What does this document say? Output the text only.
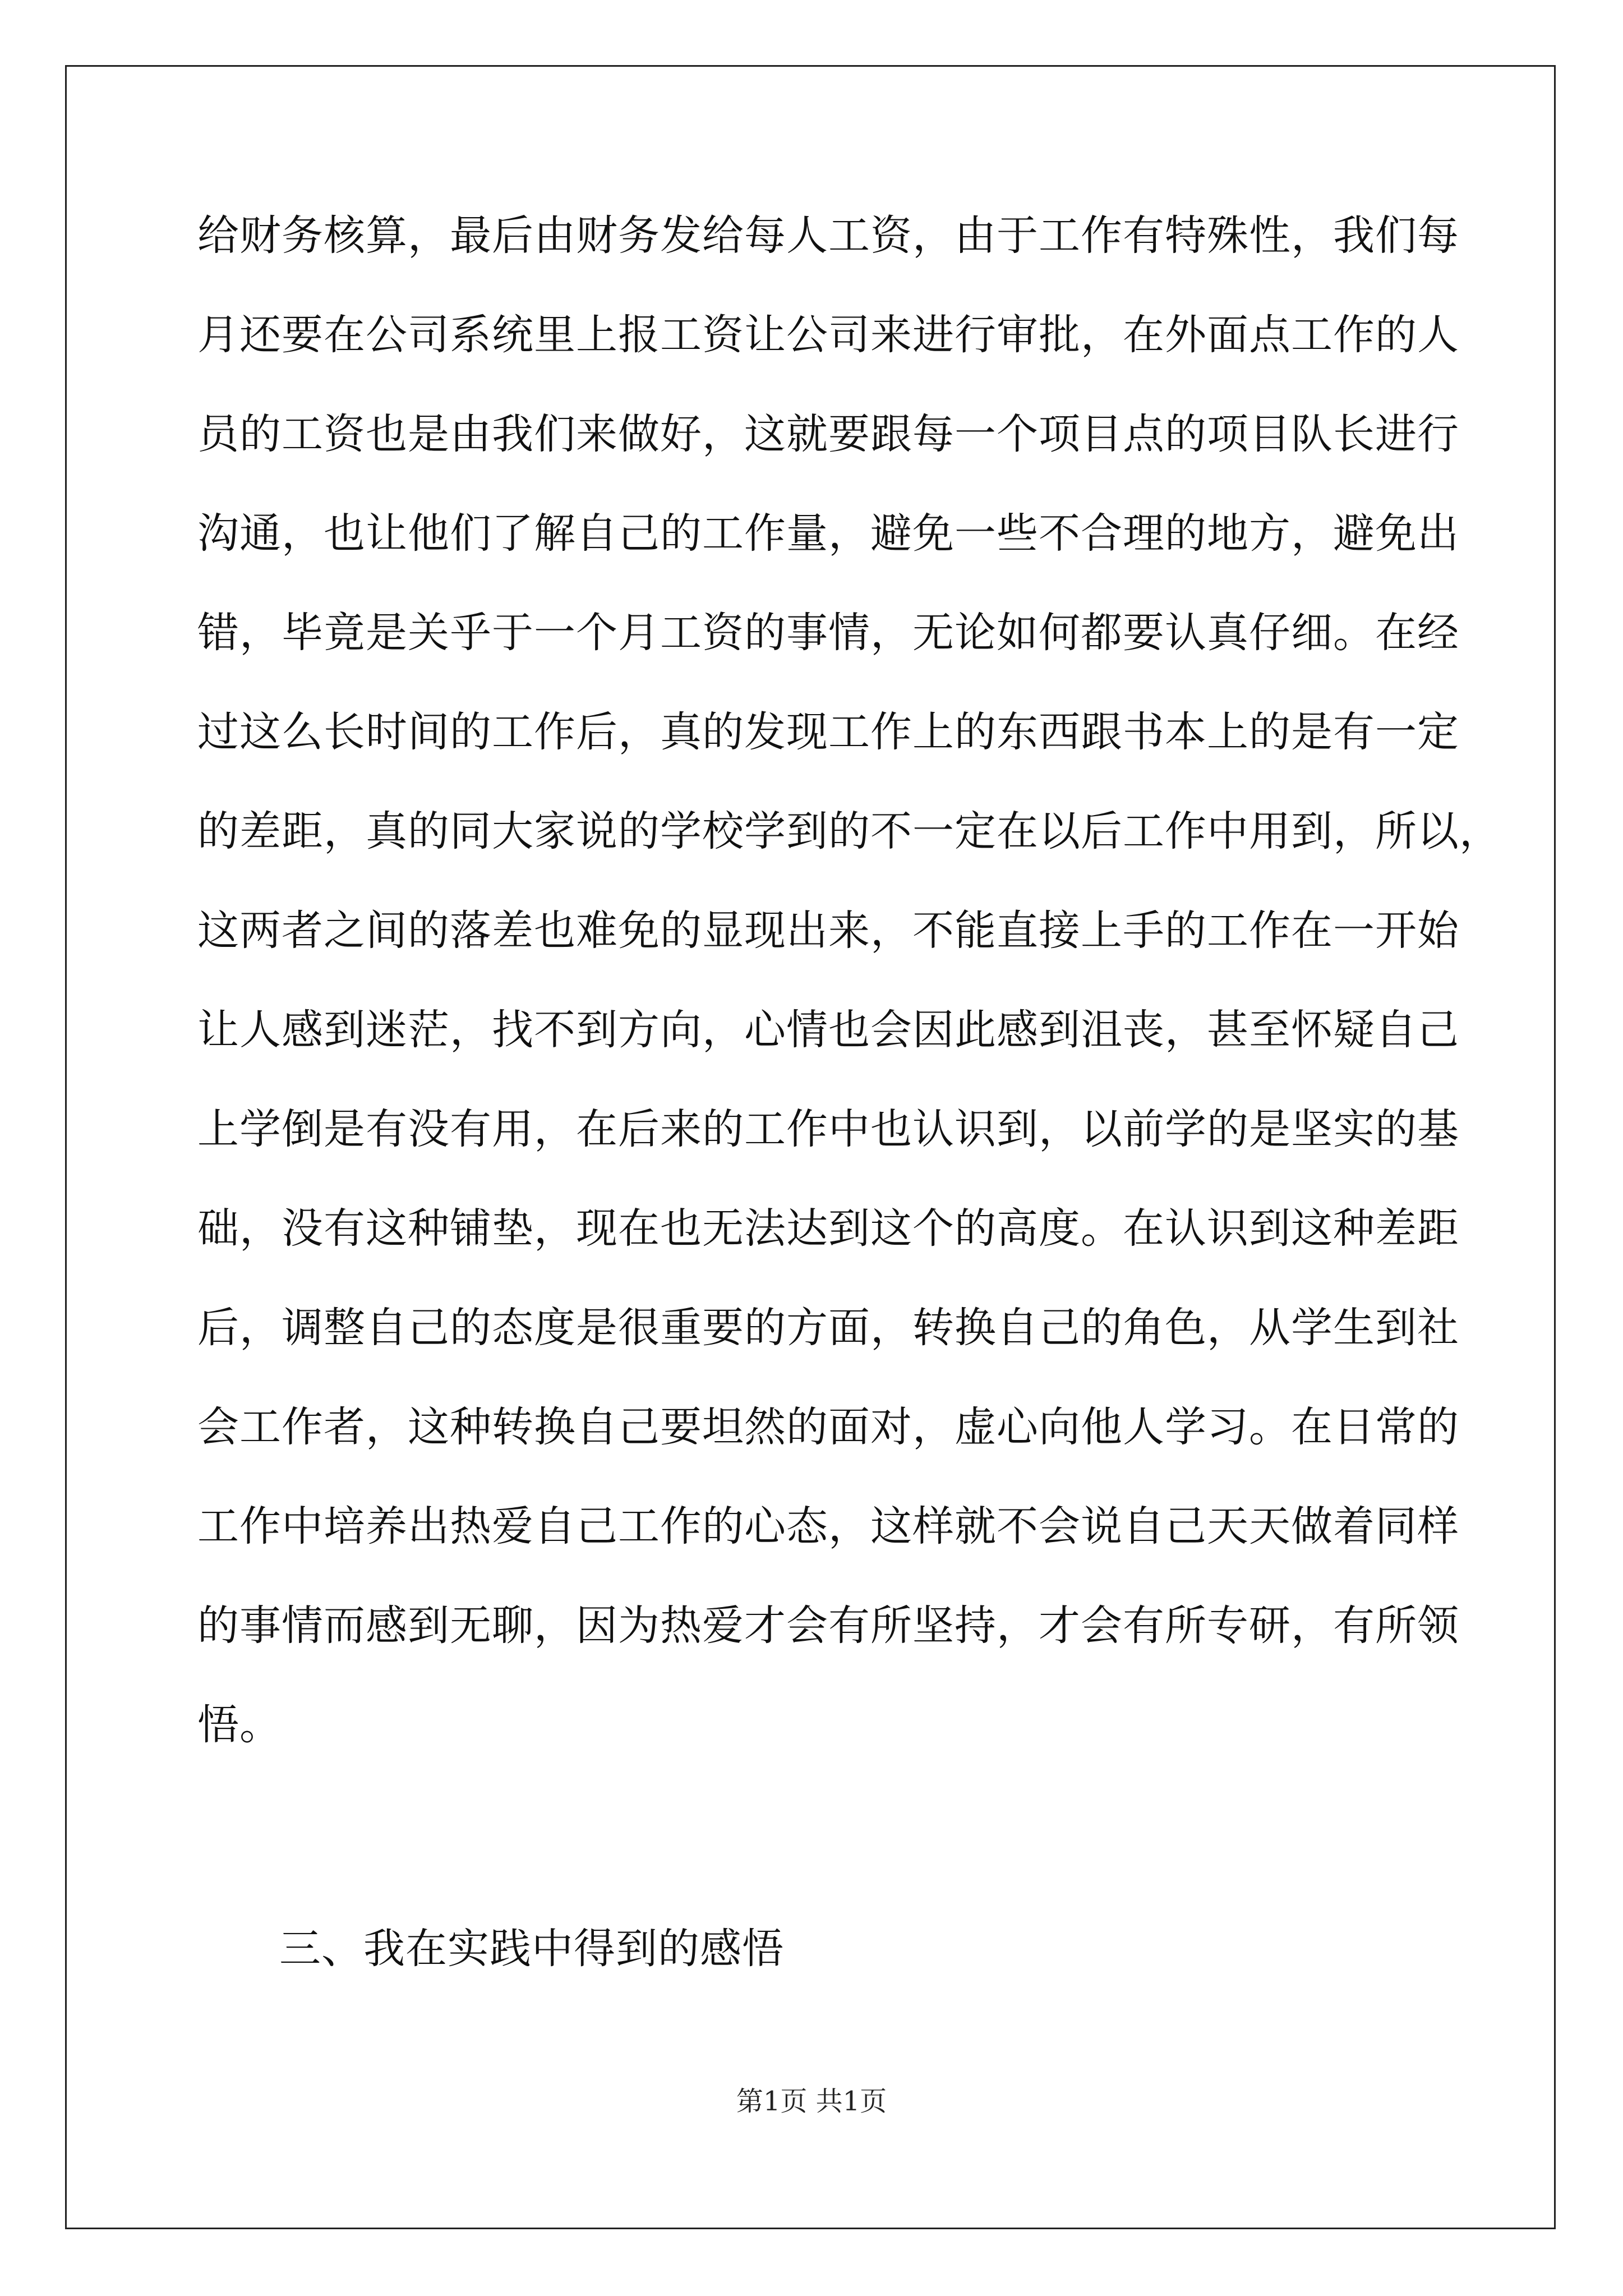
给财务核算，最后由财务发给每人工资，由于工作有特殊性，我们每
月还要在公司系统里上报工资让公司来进行审批，在外面点工作的人
员的工资也是由我们来做好，这就要跟每一个项目点的项目队长进行
沟通，也让他们了解自己的工作量，避免一些不合理的地方，避免出
错，毕竟是关乎于一个月工资的事情，无论如何都要认真仔细。在经
过这么长时间的工作后，真的发现工作上的东西跟书本上的是有一定
的差距，真的同大家说的学校学到的不一定在以后工作中用到，所以，
这两者之间的落差也难免的显现出来，不能直接上手的工作在一开始
让人感到迷茫，找不到方向，心情也会因此感到沮丧，甚至怀疑自己
上学倒是有没有用，在后来的工作中也认识到，以前学的是坚实的基
础，没有这种铺垫，现在也无法达到这个的高度。在认识到这种差距
后，调整自己的态度是很重要的方面，转换自己的角色，从学生到社
会工作者，这种转换自己要坦然的面对，虚心向他人学习。在日常的
工作中培养出热爱自己工作的心态，这样就不会说自己天天做着同样
的事情而感到无聊，因为热爱才会有所坚持，才会有所专研，有所领
悟。
三、我在实践中得到的感悟
第1页 共1页
